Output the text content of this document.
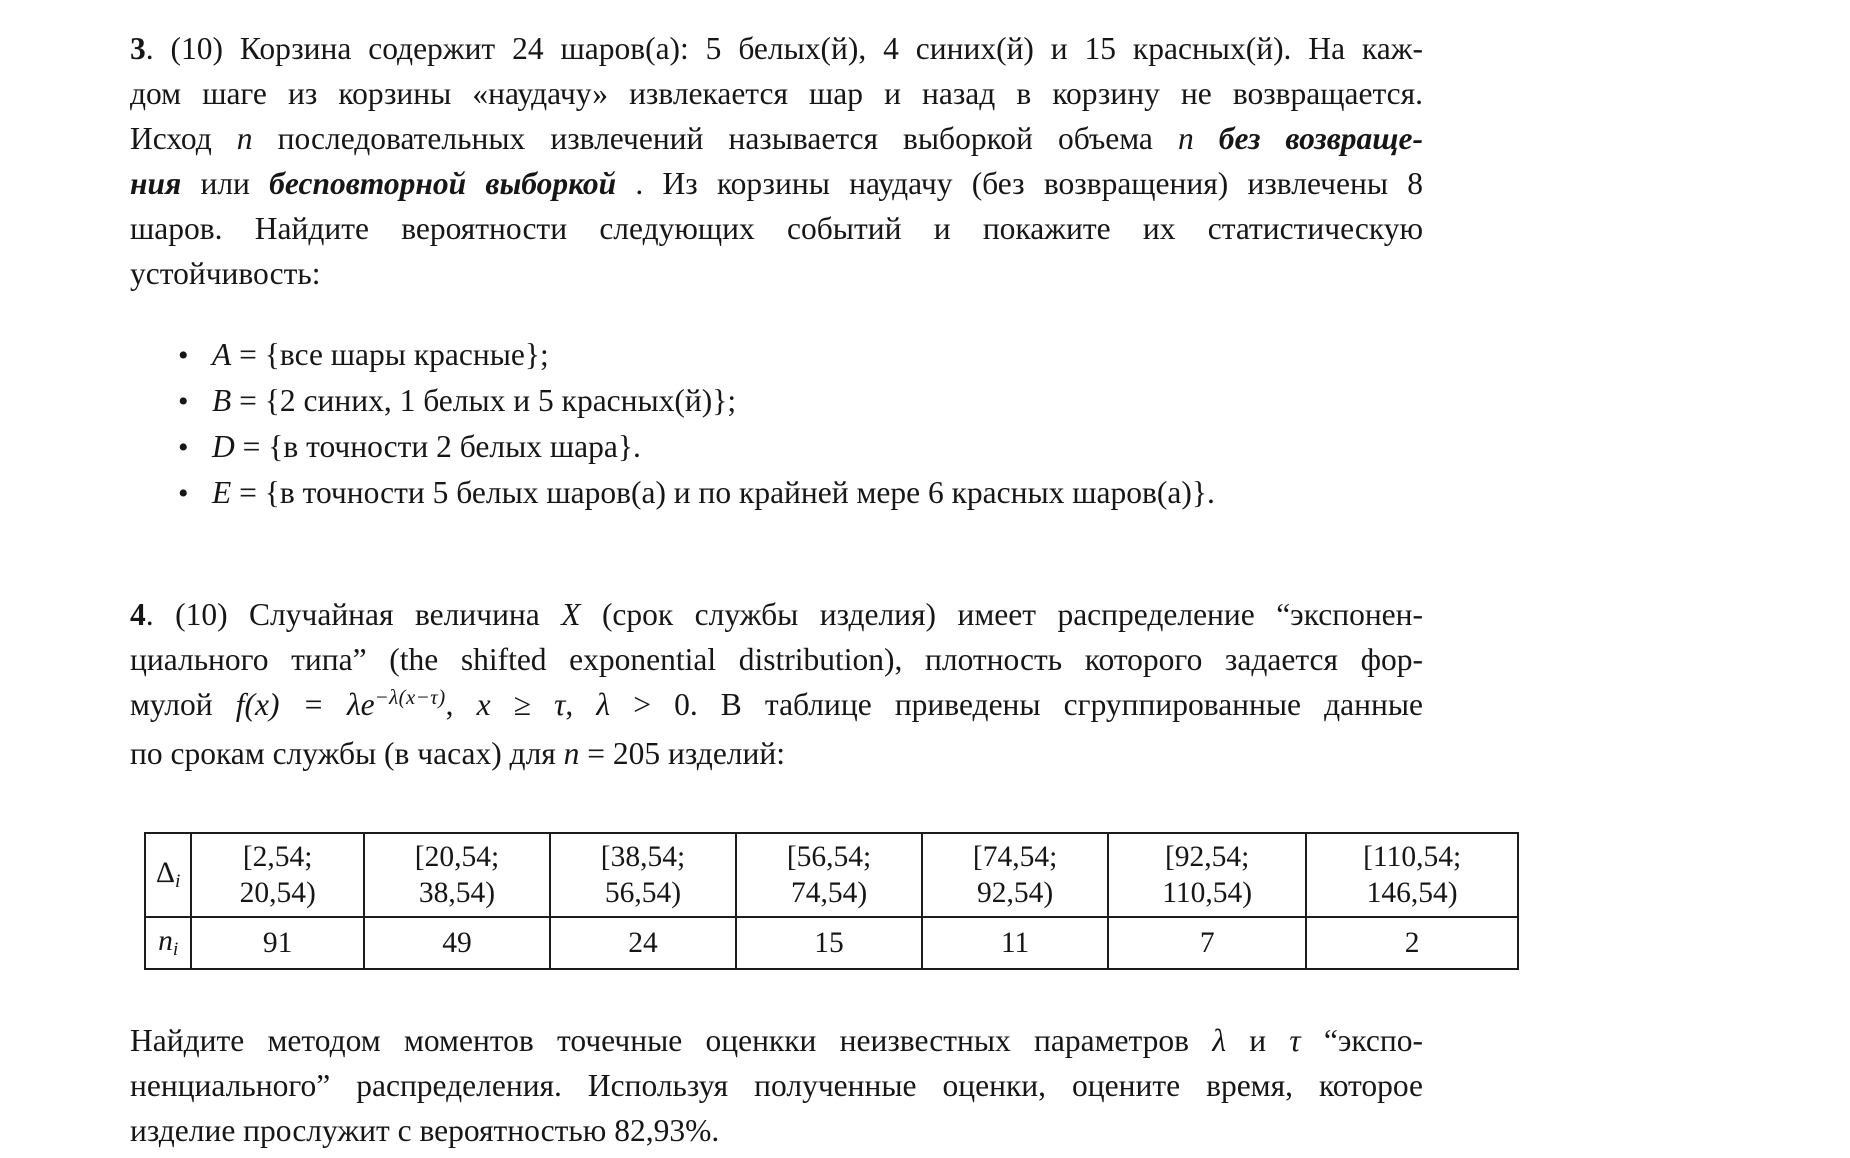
3. (10) Корзина содержит 24 шаров(а): 5 белых(й), 4 синих(й) и 15 красных(й). На каж-
дом шаге из корзины «наудачу» извлекается шар и назад в корзину не возвращается.
Исход n последовательных извлечений называется выборкой объема n без возвраще-
ния или бесповторной выборкой . Из корзины наудачу (без возвращения) извлечены 8
шаров. Найдите вероятности следующих событий и покажите их статистическую
устойчивость:
• A = {все шары красные};
• B = {2 синих, 1 белых и 5 красных(й)};
• D = {в точности 2 белых шара}.
• E = {в точности 5 белых шаров(а) и по крайней мере 6 красных шаров(а)}.
4. (10) Случайная величина X (срок службы изделия) имеет распределение “экспонен-
циального типа” (the shifted exponential distribution), плотность которого задается фор-
мулой $f(x) = \lambda e^{-\lambda(x-\tau)}$, x ≥ τ, λ > 0. В таблице приведены сгруппированные данные
по срокам службы (в часах) для n = 205 изделий:
Δi	[2,54; 20,54)	[20,54; 38,54)	[38,54; 56,54)	[56,54; 74,54)	[74,54; 92,54)	[92,54; 110,54)	[110,54; 146,54)
ni	91	49	24	15	11	7	2
Найдите методом моментов точечные оценкки неизвестных параметров λ и τ “экспо-
ненциального” распределения. Используя полученные оценки, оцените время, которое
изделие прослужит с вероятностью 82,93%.
